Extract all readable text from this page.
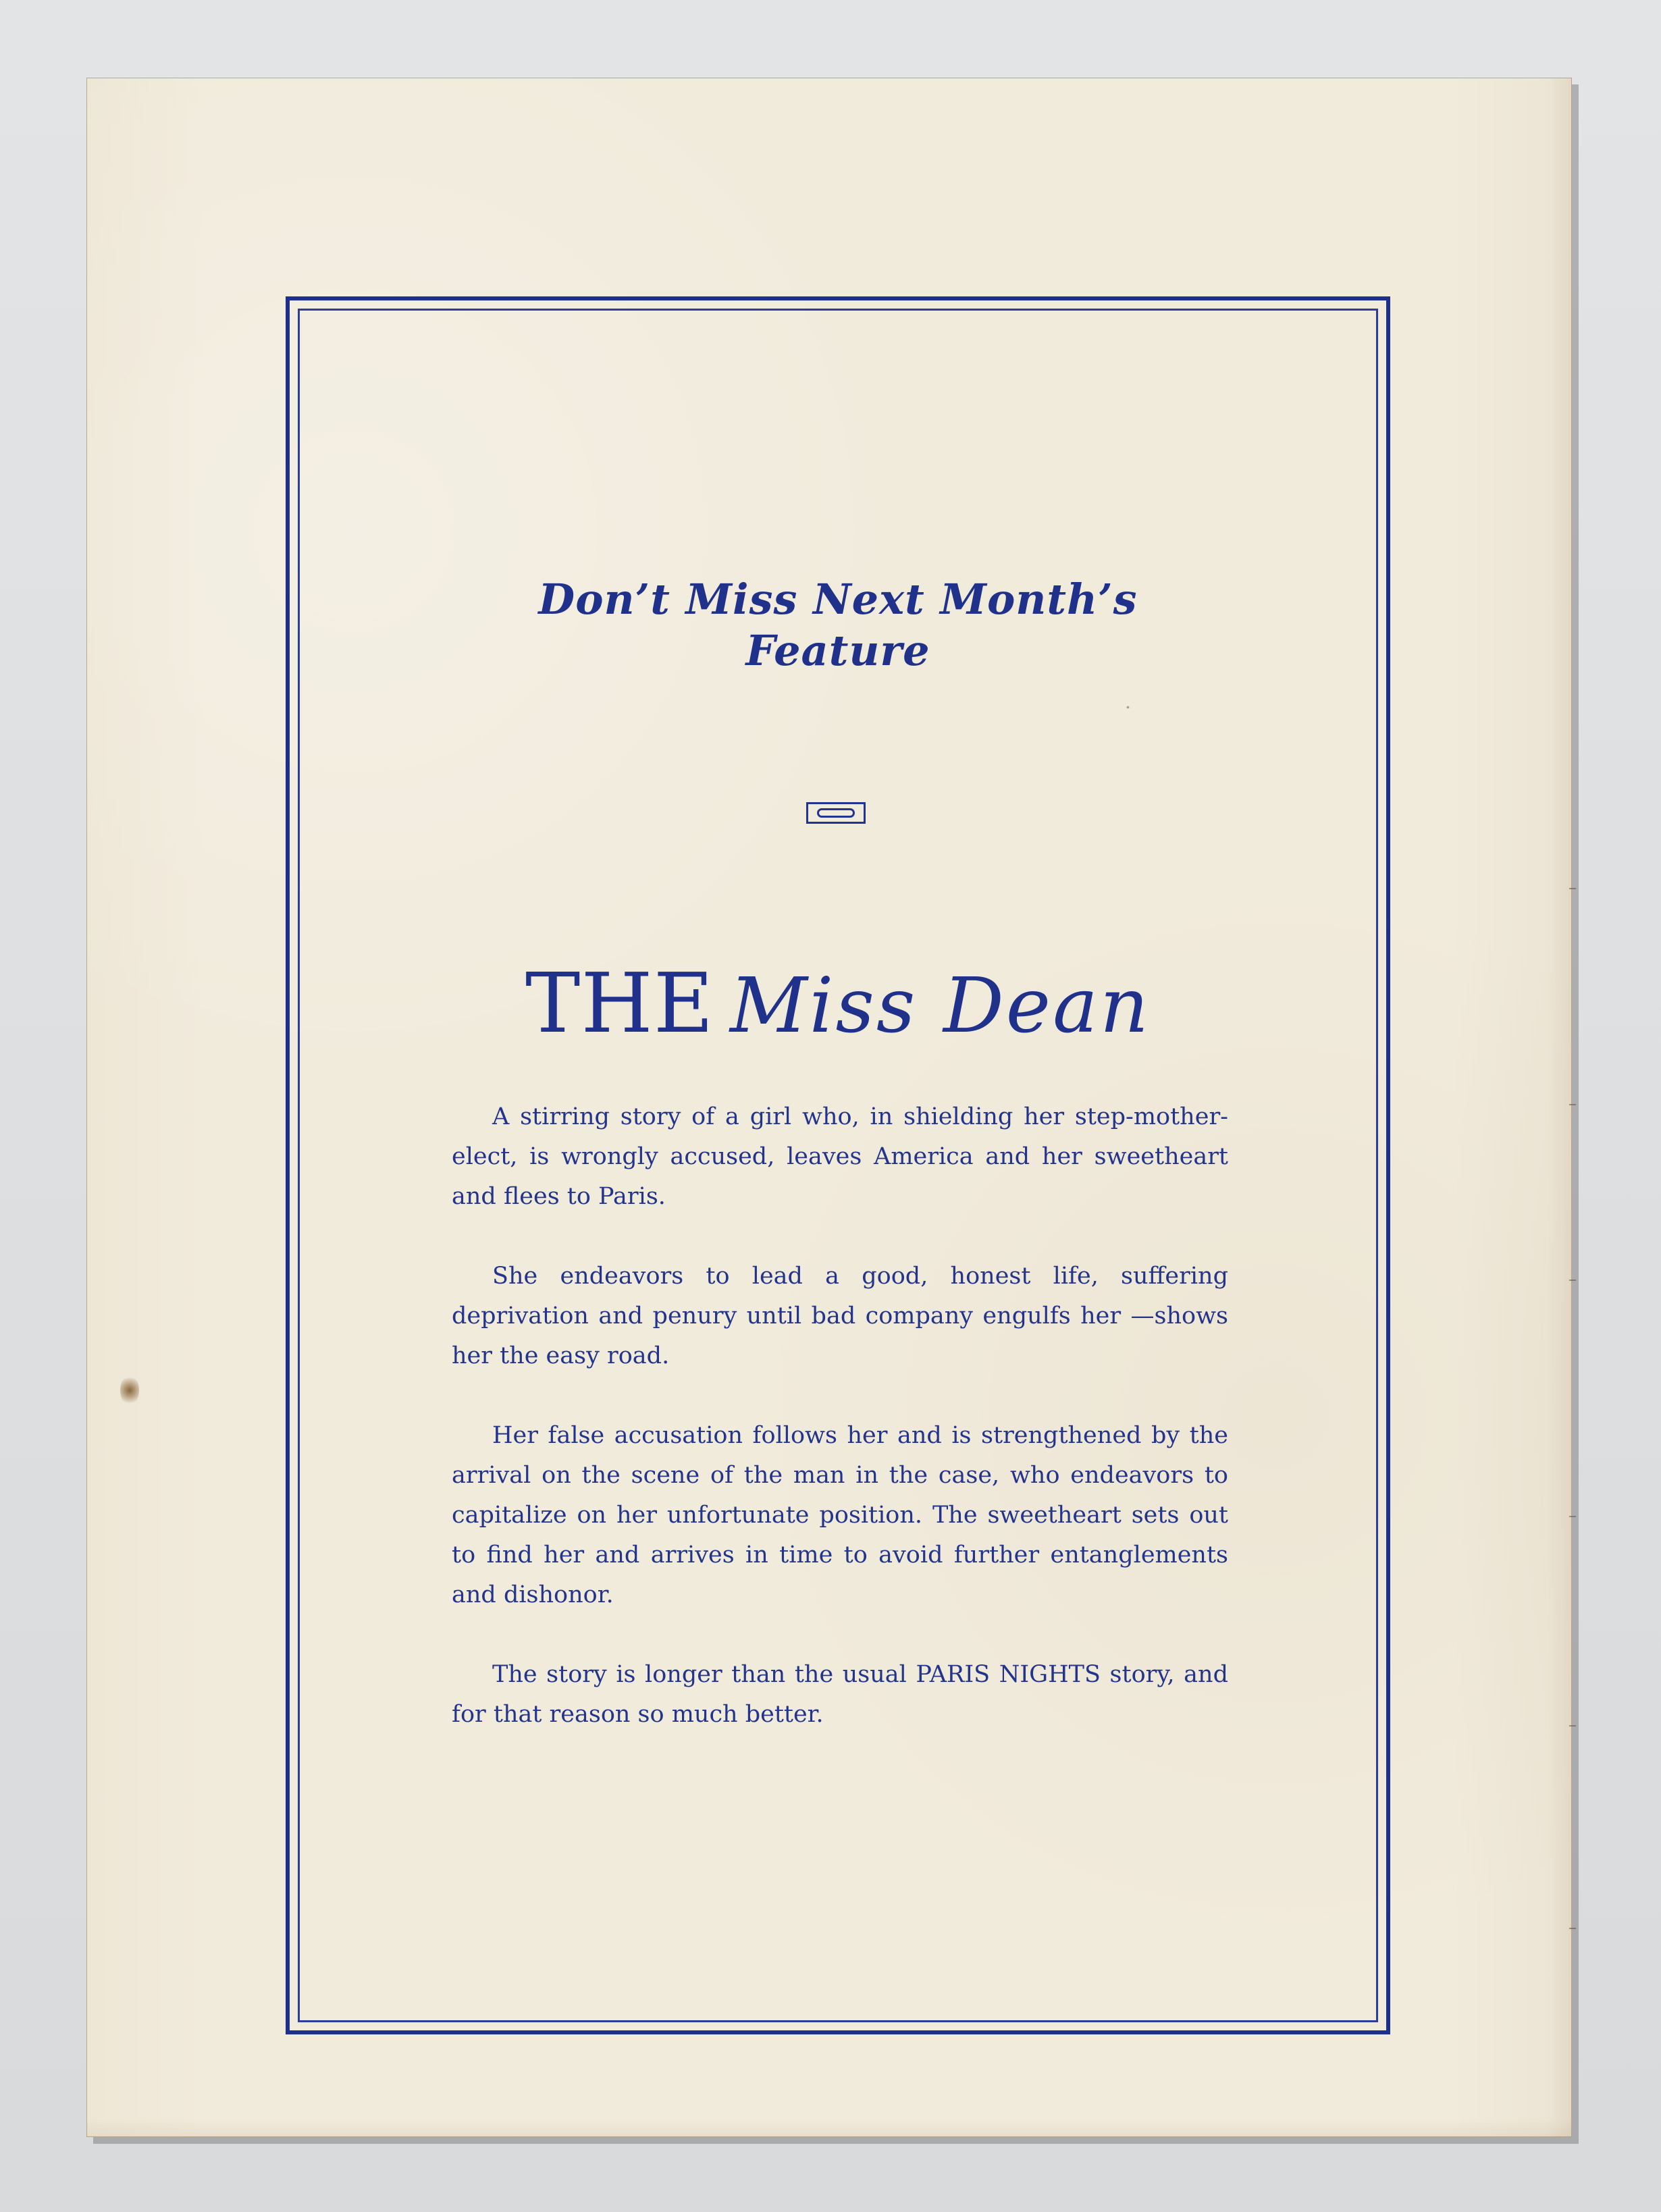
Don’t Miss Next Month’s
Feature
THE Miss Dean

A stirring story of a girl who, in shielding her step-mother-elect, is wrongly accused, leaves America and her sweetheart and flees to Paris.

She endeavors to lead a good, honest life, suffering deprivation and penury until bad company engulfs her —shows her the easy road.

Her false accusation follows her and is strengthened by the arrival on the scene of the man in the case, who endeavors to capitalize on her unfortunate position. The sweetheart sets out to find her and arrives in time to avoid further entanglements and dishonor.

The story is longer than the usual PARIS NIGHTS story, and for that reason so much better.
